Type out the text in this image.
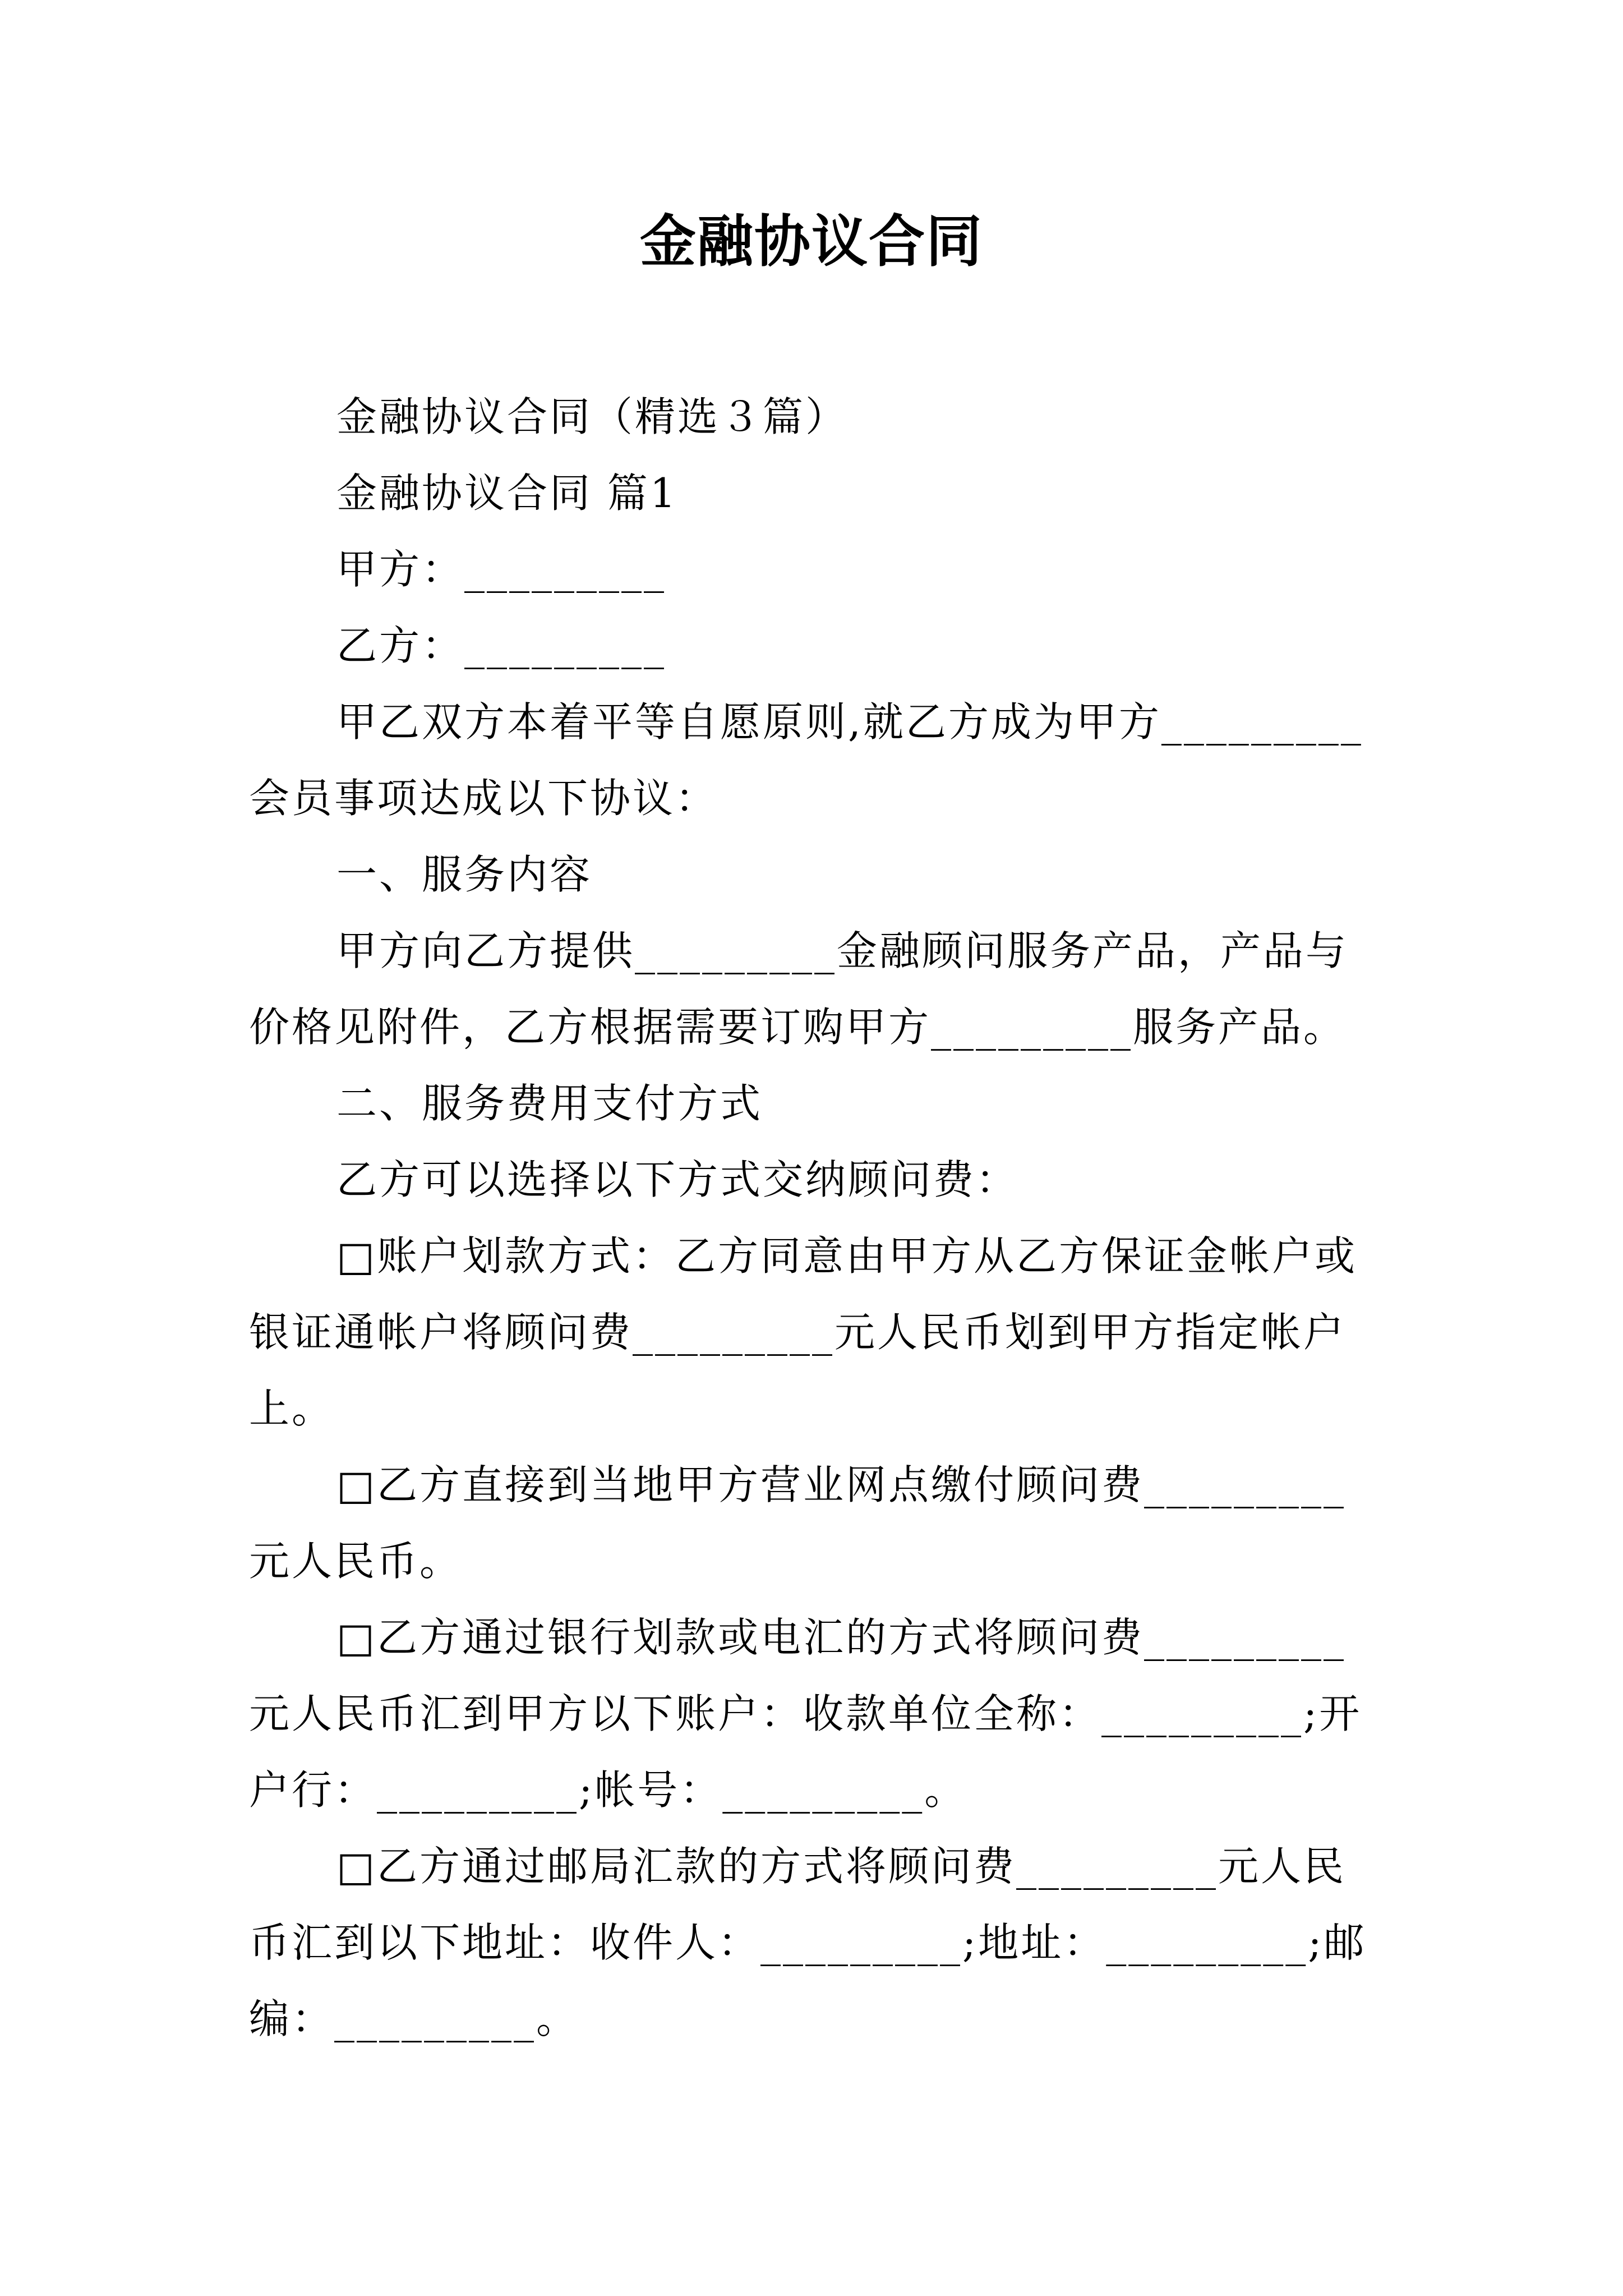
金融协议合同

金融协议合同（精选３篇）

金融协议合同 篇1

甲方：_________

乙方：_________

甲乙双方本着平等自愿原则,就乙方成为甲方_________会员事项达成以下协议：

一、服务内容

甲方向乙方提供_________金融顾问服务产品，产品与价格见附件，乙方根据需要订购甲方_________服务产品。

二、服务费用支付方式

乙方可以选择以下方式交纳顾问费：

□账户划款方式：乙方同意由甲方从乙方保证金帐户或银证通帐户将顾问费_________元人民币划到甲方指定帐户上。

□乙方直接到当地甲方营业网点缴付顾问费_________元人民币。

□乙方通过银行划款或电汇的方式将顾问费_________元人民币汇到甲方以下账户：收款单位全称：_________;开户行：_________;帐号：_________。

□乙方通过邮局汇款的方式将顾问费_________元人民币汇到以下地址：收件人：_________;地址：_________;邮编：_________。
